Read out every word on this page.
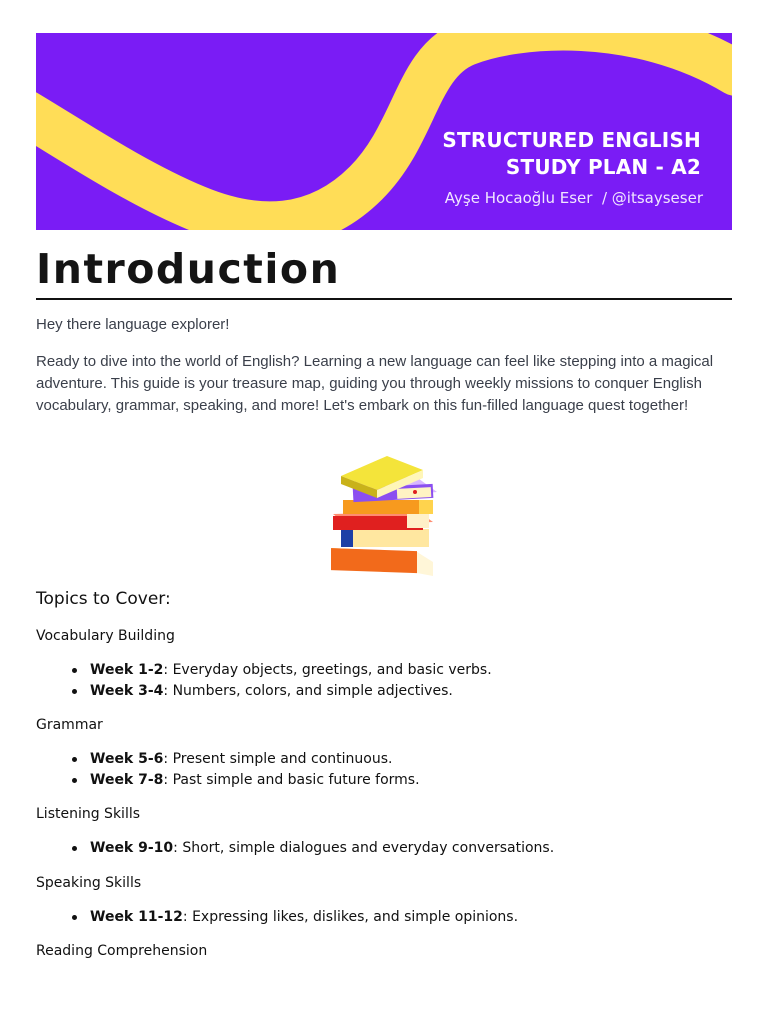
STRUCTURED ENGLISH
STUDY PLAN - A2
Ayşe Hocaoğlu Eser  / @itsayseser
Introduction

Hey there language explorer!

Ready to dive into the world of English? Learning a new language can feel like stepping into a magical adventure. This guide is your treasure map, guiding you through weekly missions to conquer English vocabulary, grammar, speaking, and more! Let's embark on this fun-filled language quest together!

Topics to Cover:
Vocabulary Building
Week 1-2: Everyday objects, greetings, and basic verbs.
Week 3-4: Numbers, colors, and simple adjectives.
Grammar
Week 5-6: Present simple and continuous.
Week 7-8: Past simple and basic future forms.
Listening Skills
Week 9-10: Short, simple dialogues and everyday conversations.
Speaking Skills
Week 11-12: Expressing likes, dislikes, and simple opinions.
Reading Comprehension
